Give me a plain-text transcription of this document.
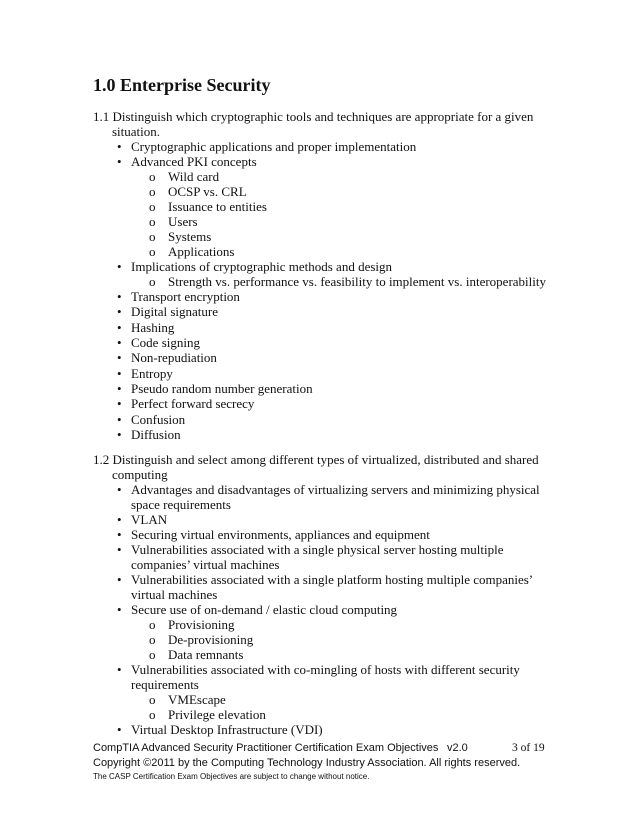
1.0 Enterprise Security
1.1 Distinguish which cryptographic tools and techniques are appropriate for a given
situation.
• Cryptographic applications and proper implementation
• Advanced PKI concepts
o Wild card
o OCSP vs. CRL
o Issuance to entities
o Users
o Systems
o Applications
• Implications of cryptographic methods and design
o Strength vs. performance vs. feasibility to implement vs. interoperability
• Transport encryption
• Digital signature
• Hashing
• Code signing
• Non-repudiation
• Entropy
• Pseudo random number generation
• Perfect forward secrecy
• Confusion
• Diffusion
1.2 Distinguish and select among different types of virtualized, distributed and shared
computing
• Advantages and disadvantages of virtualizing servers and minimizing physical
space requirements
• VLAN
• Securing virtual environments, appliances and equipment
• Vulnerabilities associated with a single physical server hosting multiple
companies’ virtual machines
• Vulnerabilities associated with a single platform hosting multiple companies’
virtual machines
• Secure use of on-demand / elastic cloud computing
o Provisioning
o De-provisioning
o Data remnants
• Vulnerabilities associated with co-mingling of hosts with different security
requirements
o VMEscape
o Privilege elevation
• Virtual Desktop Infrastructure (VDI)
CompTIA Advanced Security Practitioner Certification Exam Objectives v2.0	3 of 19
Copyright ©2011 by the Computing Technology Industry Association. All rights reserved.
The CASP Certification Exam Objectives are subject to change without notice.
